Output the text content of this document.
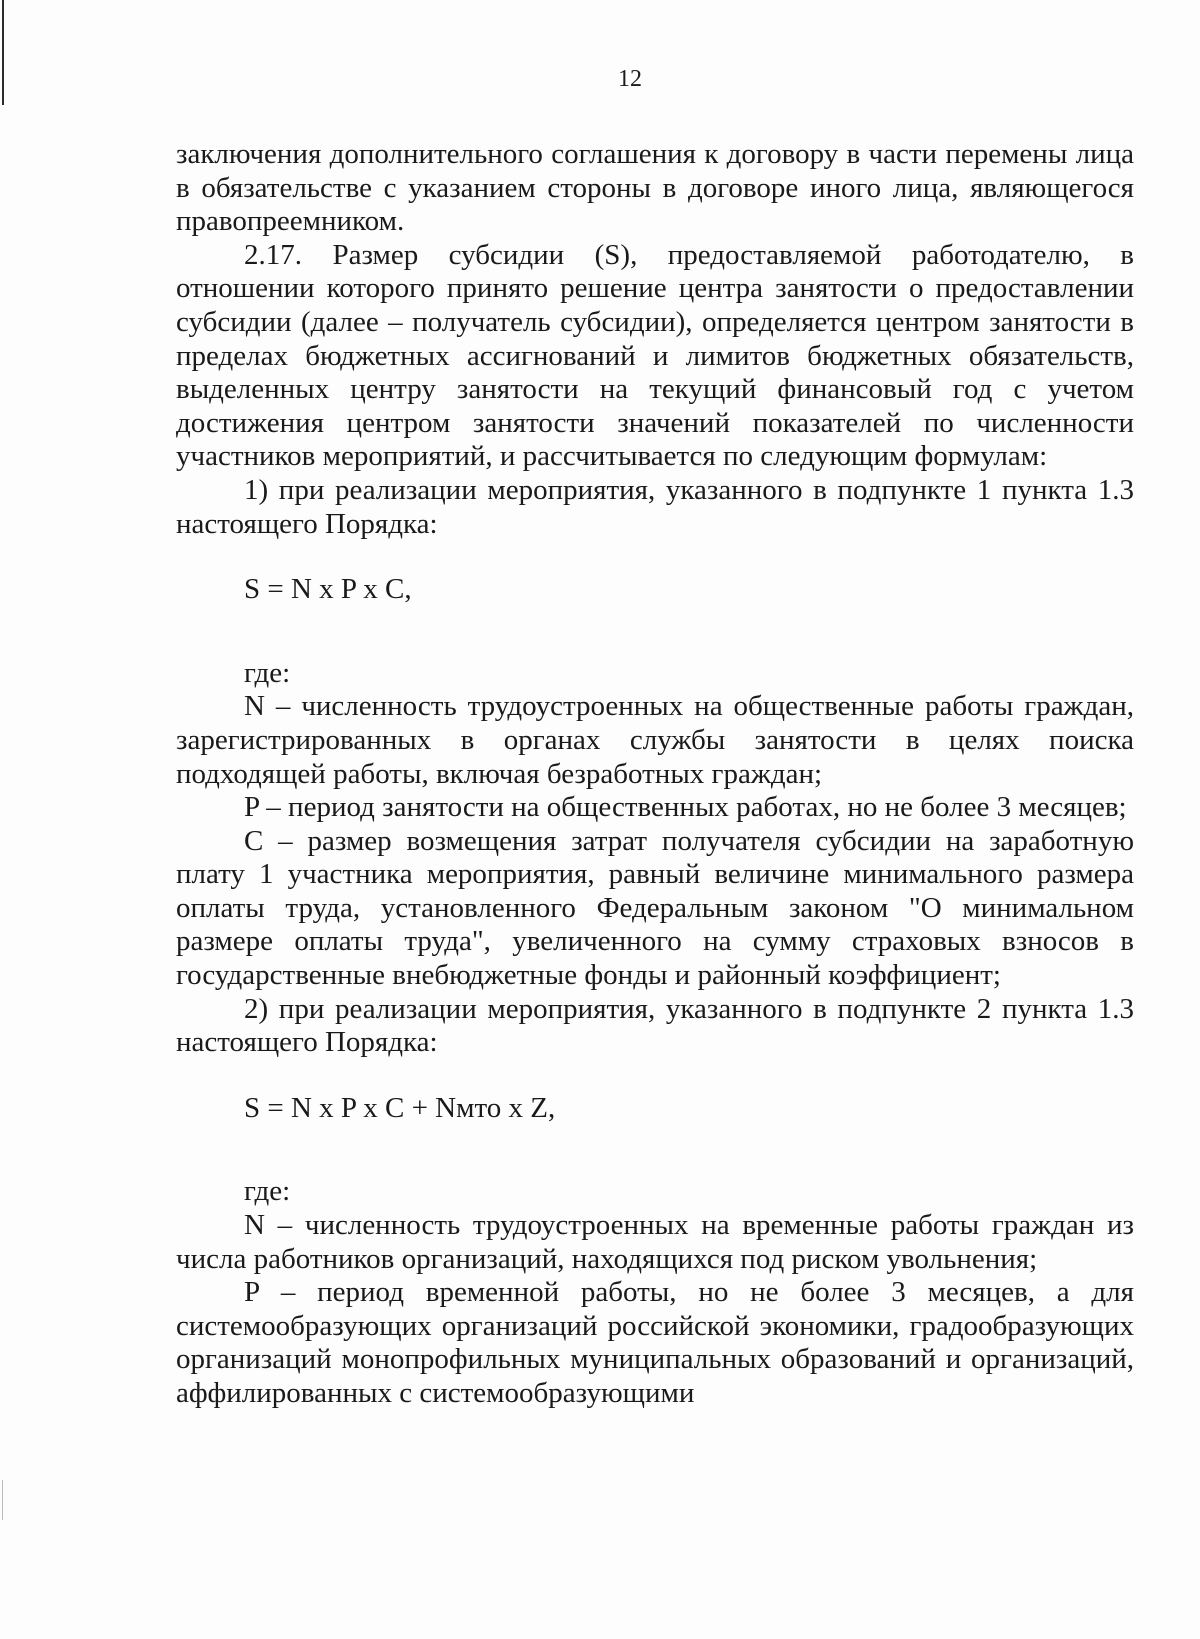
12

заключения дополнительного соглашения к договору в части перемены лица в обязательстве с указанием стороны в договоре иного лица, являющегося правопреемником.

2.17. Размер субсидии (S), предоставляемой работодателю, в отношении которого принято решение центра занятости о предоставлении субсидии (далее – получатель субсидии), определяется центром занятости в пределах бюджетных ассигнований и лимитов бюджетных обязательств, выделенных центру занятости на текущий финансовый год с учетом достижения центром занятости значений показателей по численности участников мероприятий, и рассчитывается по следующим формулам:

1) при реализации мероприятия, указанного в подпункте 1 пункта 1.3 настоящего Порядка:

S = N x P x C,

где:

N – численность трудоустроенных на общественные работы граждан, зарегистрированных в органах службы занятости в целях поиска подходящей работы, включая безработных граждан;

P – период занятости на общественных работах, но не более 3 месяцев;

C – размер возмещения затрат получателя субсидии на заработную плату 1 участника мероприятия, равный величине минимального размера оплаты труда, установленного Федеральным законом "О минимальном размере оплаты труда", увеличенного на сумму страховых взносов в государственные внебюджетные фонды и районный коэффициент;

2) при реализации мероприятия, указанного в подпункте 2 пункта 1.3 настоящего Порядка:

S = N x P x C + Nмто x Z,

где:

N – численность трудоустроенных на временные работы граждан из числа работников организаций, находящихся под риском увольнения;

P – период временной работы, но не более 3 месяцев, а для системообразующих организаций российской экономики, градообразующих организаций монопрофильных муниципальных образований и организаций, аффилированных с системообразующими
